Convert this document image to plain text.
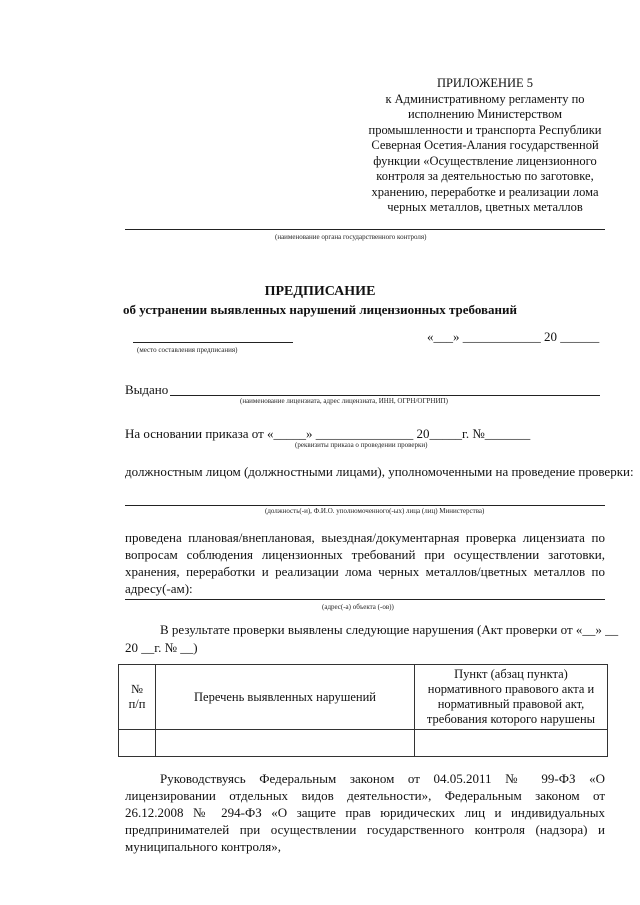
ПРИЛОЖЕНИЕ 5
к Административному регламенту по
исполнению Министерством
промышленности и транспорта Республики
Северная Осетия-Алания государственной
функции «Осуществление лицензионного
контроля за деятельностью по заготовке,
хранению, переработке и реализации лома
черных металлов, цветных металлов
(наименование органа государственного контроля)
ПРЕДПИСАНИЕ
об устранении выявленных нарушений лицензионных требований
(место составления предписания)
«___» ____________ 20 ______
Выдано
(наименование лицензиата, адрес лицензиата, ИНН, ОГРН/ОГРНИП)
На основании приказа от «_____» _______________ 20_____г. №_______
(реквизиты приказа о проведении проверки)
должностным лицом (должностными лицами), уполномоченными на проведение проверки:
(должность(-и), Ф.И.О. уполномоченного(-ых) лица (лиц) Министерства)
проведена плановая/внеплановая, выездная/документарная проверка лицензиата по вопросам соблюдения лицензионных требований при осуществлении заготовки, хранения, переработки и реализации лома черных металлов/цветных металлов по адресу(-ам):
(адрес(-а) объекта (-ов))
В результате проверки выявлены следующие нарушения (Акт проверки от «__» __
20 __г. № __)
№
п/п	Перечень выявленных нарушений	Пункт (абзац пункта) нормативного правового акта и нормативный правовой акт, требования которого нарушены

Руководствуясь Федеральным законом от 04.05.2011 № 99-ФЗ «О лицензировании отдельных видов деятельности», Федеральным законом от 26.12.2008 № 294-ФЗ «О защите прав юридических лиц и индивидуальных предпринимателей при осуществлении государственного контроля (надзора) и муниципального контроля»,
